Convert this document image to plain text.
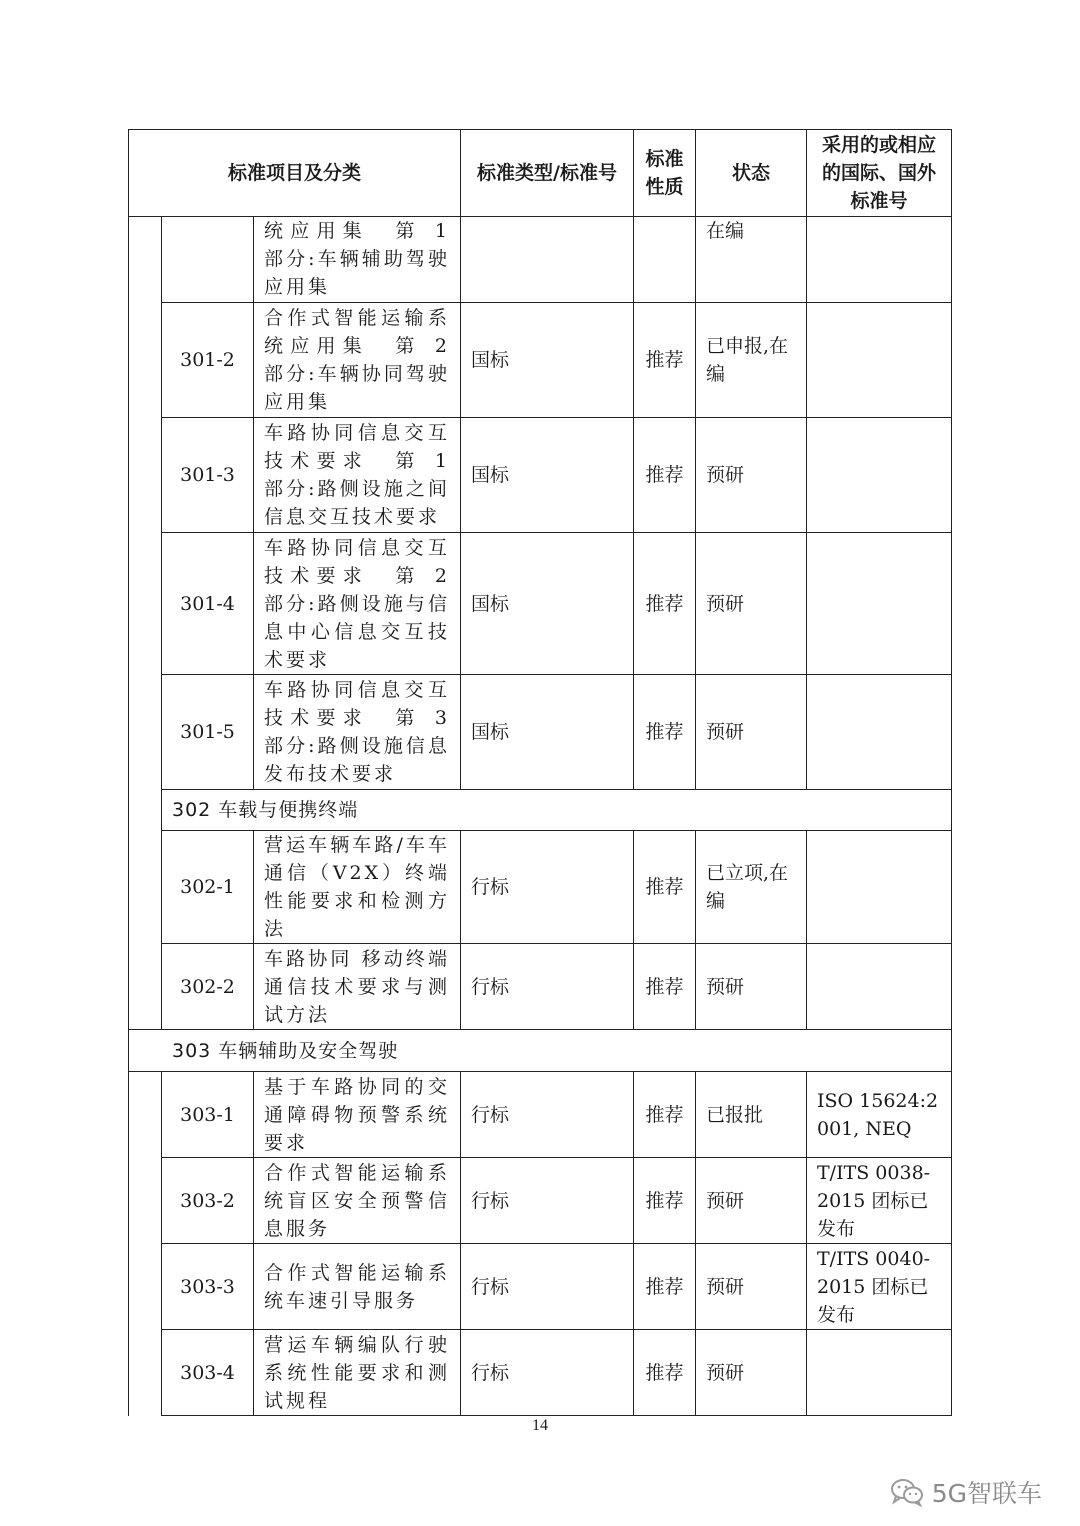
标准项目及分类			标准类型/标准号	标准性质	状态	采用的或相应的国际、国外标准号
		统应用集　第 1 部分:车辆辅助驾驶应用集			在编	
	301-2	合作式智能运输系统应用集　第 2 部分:车辆协同驾驶应用集	国标	推荐	已申报,在编	
	301-3	车路协同信息交互技术要求　第 1 部分:路侧设施之间信息交互技术要求	国标	推荐	预研	
	301-4	车路协同信息交互技术要求　第 2 部分:路侧设施与信息中心信息交互技术要求	国标	推荐	预研	
	301-5	车路协同信息交互技术要求　第 3 部分:路侧设施信息发布技术要求	国标	推荐	预研	
	302 车载与便携终端					
	302-1	营运车辆车路/车车通信（V2X）终端性能要求和检测方法	行标	推荐	已立项,在编	
	302-2	车路协同 移动终端通信技术要求与测试方法	行标	推荐	预研	
303 车辆辅助及安全驾驶						
	303-1	基于车路协同的交通障碍物预警系统要求	行标	推荐	已报批	ISO 15624:2001, NEQ
	303-2	合作式智能运输系统盲区安全预警信息服务	行标	推荐	预研	T/ITS 0038-2015 团标已发布
	303-3	合作式智能运输系统车速引导服务	行标	推荐	预研	T/ITS 0040-2015 团标已发布
	303-4	营运车辆编队行驶系统性能要求和测试规程	行标	推荐	预研	
14
5G智联车
